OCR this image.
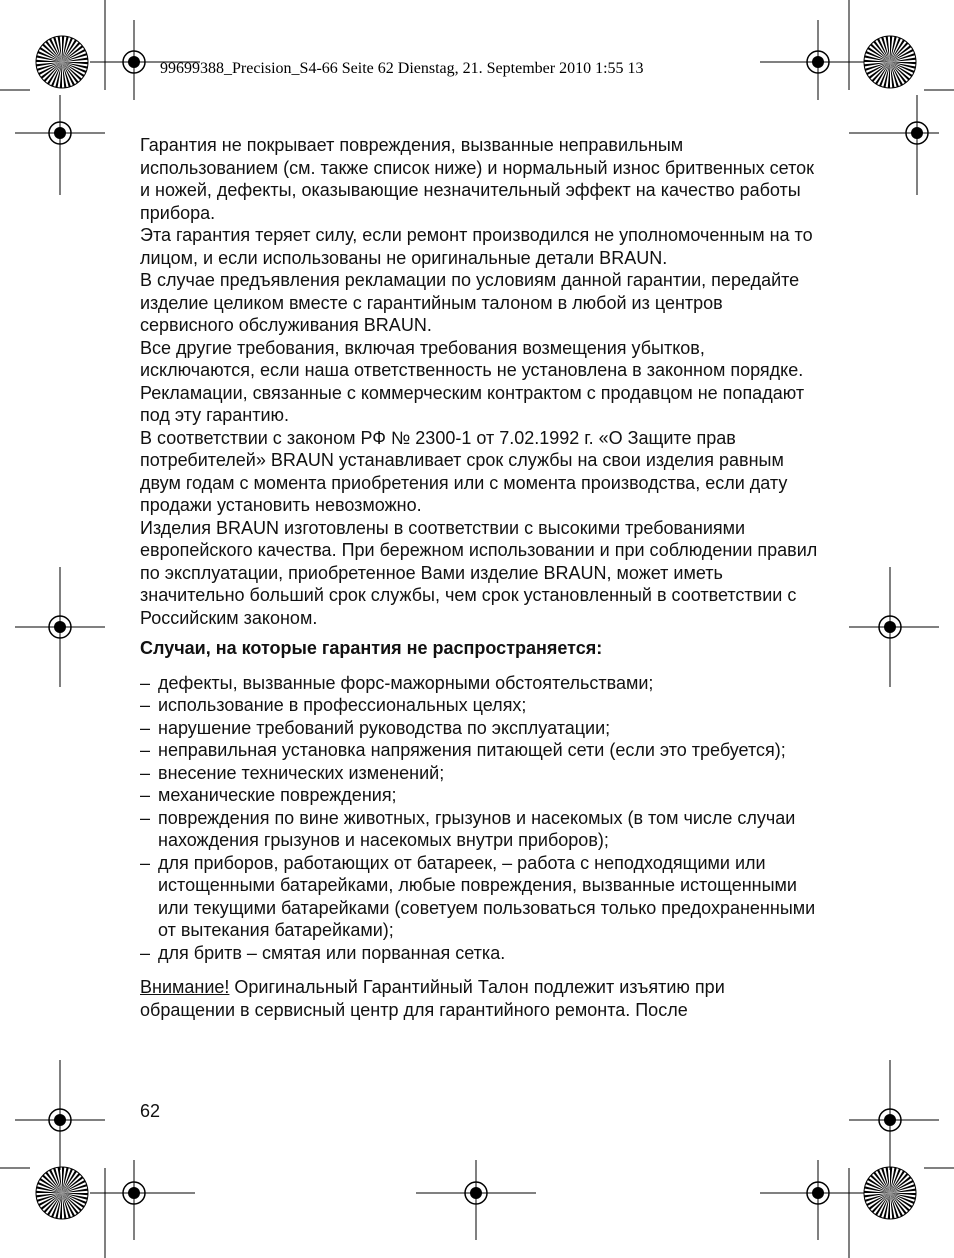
99699388_Precision_S4-66 Seite 62 Dienstag, 21. September 2010 1:55 13

Гарантия не покрывает повреждения, вызванные неправильным использованием (см. также список ниже) и нормальный износ бритвенных сеток и ножей, дефекты, оказывающие незначительный эффект на качество работы прибора.

Эта гарантия теряет силу, если ремонт производился не уполномоченным на то лицом, и если использованы не оригинальные детали BRAUN.

В случае предъявления рекламации по условиям данной гарантии, передайте изделие целиком вместе с гарантийным талоном в любой из центров сервисного обслуживания BRAUN.

Все другие требования, включая требования возмещения убытков, исключаются, если наша ответственность не установлена в законном порядке.

Рекламации, связанные с коммерческим контрактом с продавцом не попадают под эту гарантию.

В соответствии с законом РФ № 2300-1 от 7.02.1992 г. «О Защите прав потребителей» BRAUN устанавливает срок службы на свои изделия равным двум годам с момента приобретения или с момента производства, если дату продажи установить невозможно.

Изделия BRAUN изготовлены в соответствии с высокими требованиями европейского качества. При бережном использовании и при соблюдении правил по эксплуатации, приобретенное Вами изделие BRAUN, может иметь значительно больший срок службы, чем срок установленный в соответствии с Российским законом.

Случаи, на которые гарантия не распространяется:

– дефекты, вызванные форс-мажорными обстоятельствами;
– использование в профессиональных целях;
– нарушение требований руководства по эксплуатации;
– неправильная установка напряжения питающей сети (если это требуется);
– внесение технических изменений;
– механические повреждения;
– повреждения по вине животных, грызунов и насекомых (в том числе случаи нахождения грызунов и насекомых внутри приборов);
– для приборов, работающих от батареек, – работа с неподходящими или истощенными батарейками, любые повреждения, вызванные истощенными или текущими батарейками (советуем пользоваться только предохраненными от вытекания батарейками);
– для бритв – смятая или порванная сетка.

Внимание! Оригинальный Гарантийный Талон подлежит изъятию при обращении в сервисный центр для гарантийного ремонта. После

62
